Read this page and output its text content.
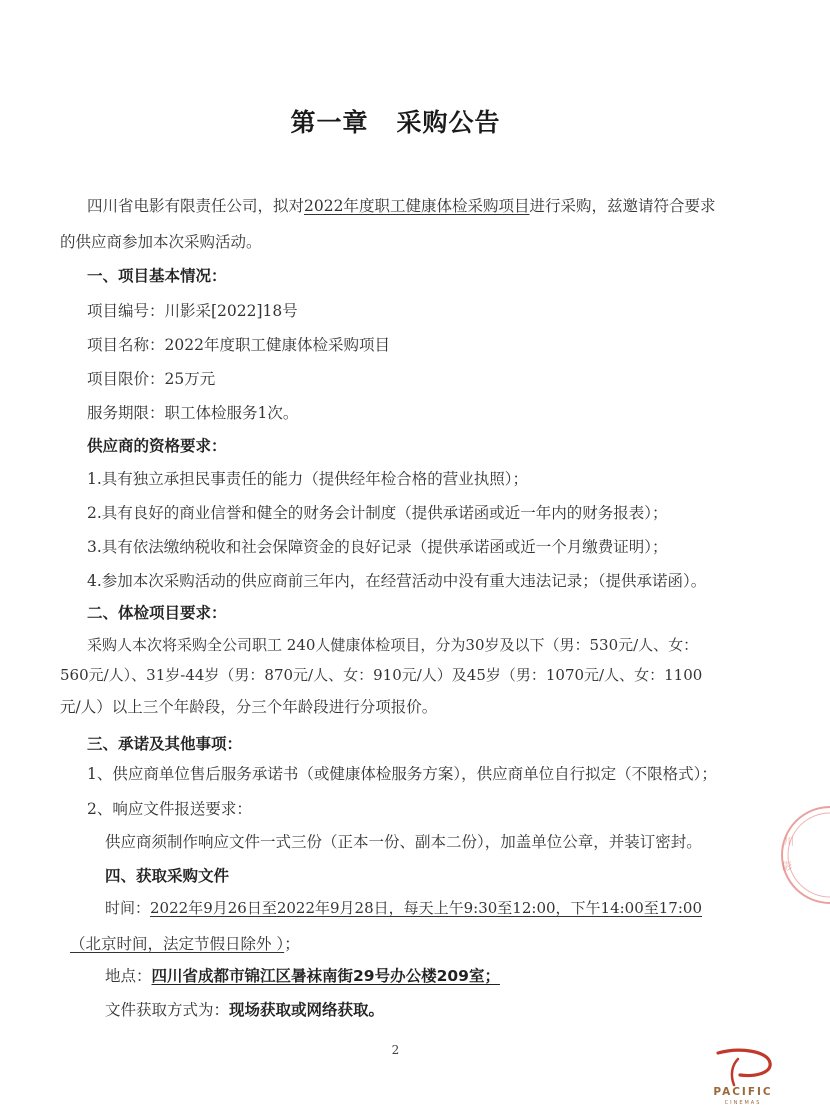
第一章 采购公告
四川省电影有限责任公司，拟对2022年度职工健康体检采购项目进行采购，兹邀请符合要求
的供应商参加本次采购活动。
一、项目基本情况：
项目编号：川影采[2022]18号
项目名称：2022年度职工健康体检采购项目
项目限价：25万元
服务期限：职工体检服务1次。
供应商的资格要求：
1.具有独立承担民事责任的能力（提供经年检合格的营业执照）；
2.具有良好的商业信誉和健全的财务会计制度（提供承诺函或近一年内的财务报表）；
3.具有依法缴纳税收和社会保障资金的良好记录（提供承诺函或近一个月缴费证明）；
4.参加本次采购活动的供应商前三年内，在经营活动中没有重大违法记录；（提供承诺函）。
二、体检项目要求：
采购人本次将采购全公司职工 240人健康体检项目，分为30岁及以下（男：530元/人、女：
560元/人）、31岁-44岁（男：870元/人、女：910元/人）及45岁（男：1070元/人、女：1100
元/人）以上三个年龄段，分三个年龄段进行分项报价。
三、承诺及其他事项：
1、供应商单位售后服务承诺书（或健康体检服务方案），供应商单位自行拟定（不限格式）；
2、响应文件报送要求：
供应商须制作响应文件一式三份（正本一份、副本二份），加盖单位公章，并装订密封。
四、获取采购文件
时间：2022年9月26日至2022年9月28日，每天上午9:30至12:00，下午14:00至17:00
（北京时间，法定节假日除外 ）；
地点：四川省成都市锦江区暑袜南街29号办公楼209室；
文件获取方式为：现场获取或网络获取。
2
川
影
PACIFIC
CINEMAS
